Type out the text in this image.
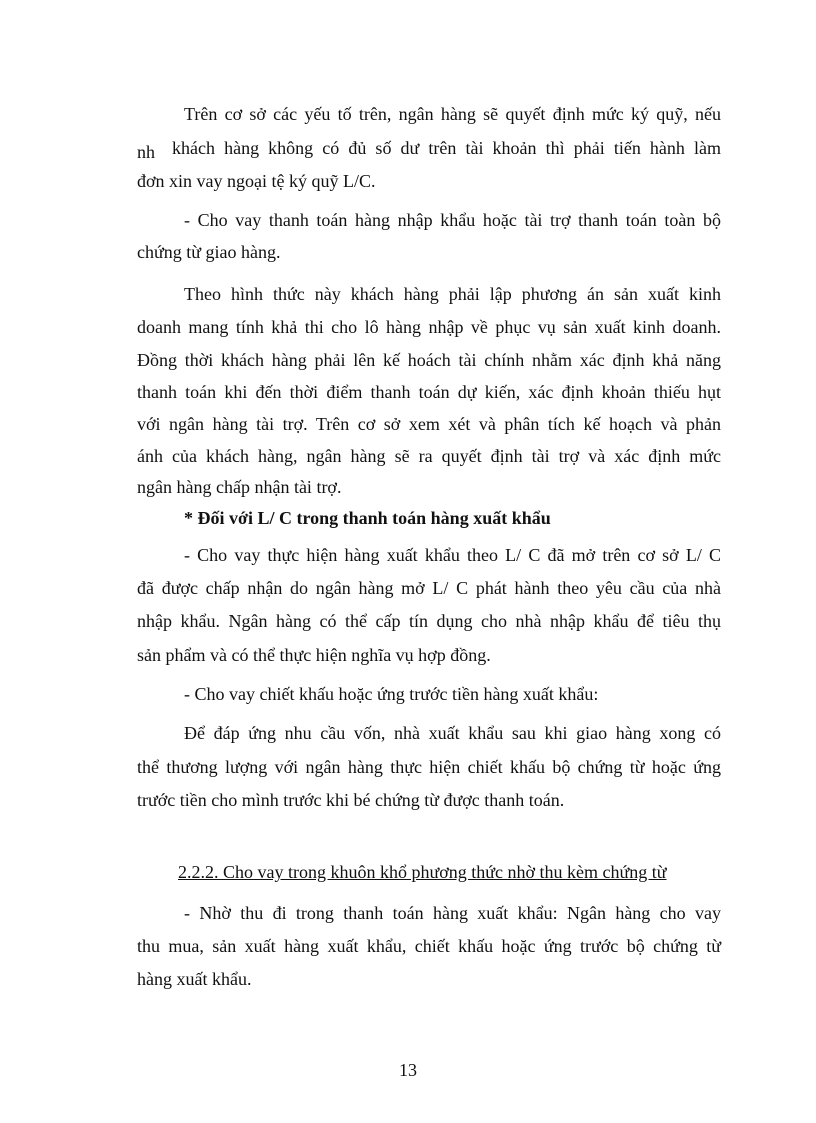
Trên cơ sở các yếu tố trên, ngân hàng sẽ quyết định mức ký quỹ, nếu
nh khách hàng không có đủ số dư trên tài khoản thì phải tiến hành làm
đơn xin vay ngoại tệ ký quỹ L/C.
- Cho vay thanh toán hàng nhập khẩu hoặc tài trợ thanh toán toàn bộ
chứng từ giao hàng.
Theo hình thức này khách hàng phải lập phương án sản xuất kinh
doanh mang tính khả thi cho lô hàng nhập về phục vụ sản xuất kinh doanh.
Đồng thời khách hàng phải lên kế hoách tài chính nhằm xác định khả năng
thanh toán khi đến thời điểm thanh toán dự kiến, xác định khoản thiếu hụt
với ngân hàng tài trợ. Trên cơ sở xem xét và phân tích kế hoạch và phản
ánh của khách hàng, ngân hàng sẽ ra quyết định tài trợ và xác định mức
ngân hàng chấp nhận tài trợ.
* Đối với L/ C trong thanh toán hàng xuất khẩu
- Cho vay thực hiện hàng xuất khẩu theo L/ C đã mở trên cơ sở L/ C
đã được chấp nhận do ngân hàng mở L/ C phát hành theo yêu cầu của nhà
nhập khẩu. Ngân hàng có thể cấp tín dụng cho nhà nhập khẩu để tiêu thụ
sản phẩm và có thể thực hiện nghĩa vụ hợp đồng.
- Cho vay chiết khấu hoặc ứng trước tiền hàng xuất khẩu:
Để đáp ứng nhu cầu vốn, nhà xuất khẩu sau khi giao hàng xong có
thể thương lượng với ngân hàng thực hiện chiết khấu bộ chứng từ hoặc ứng
trước tiền cho mình trước khi bé chứng từ được thanh toán.
2.2.2. Cho vay trong khuôn khổ phương thức nhờ thu kèm chứng từ
- Nhờ thu đi trong thanh toán hàng xuất khẩu: Ngân hàng cho vay
thu mua, sản xuất hàng xuất khẩu, chiết khấu hoặc ứng trước bộ chứng từ
hàng xuất khẩu.
13
